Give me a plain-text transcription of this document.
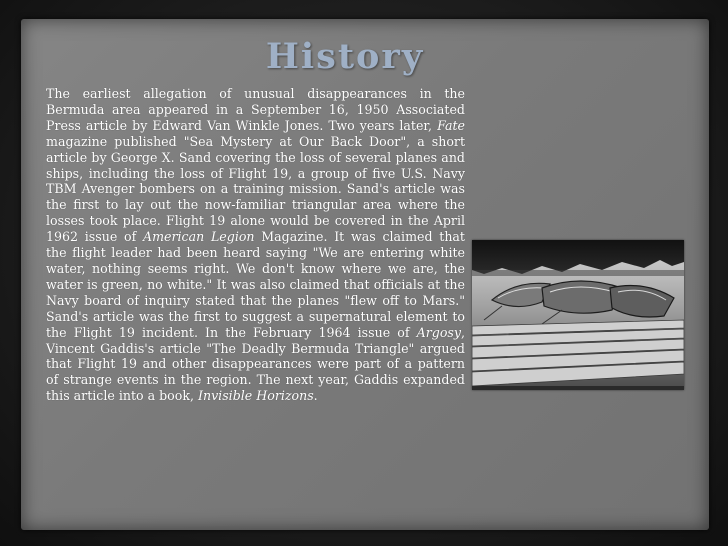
History
The earliest allegation of unusual disappearances in the Bermuda area appeared in a September 16, 1950 Associated Press article by Edward Van Winkle Jones. Two years later, Fate magazine published "Sea Mystery at Our Back Door", a short article by George X. Sand covering the loss of several planes and ships, including the loss of Flight 19, a group of five U.S. Navy TBM Avenger bombers on a training mission. Sand's article was the first to lay out the now-familiar triangular area where the losses took place. Flight 19 alone would be covered in the April 1962 issue of American Legion Magazine. It was claimed that the flight leader had been heard saying "We are entering white water, nothing seems right. We don't know where we are, the water is green, no white." It was also claimed that officials at the Navy board of inquiry stated that the planes "flew off to Mars." Sand's article was the first to suggest a supernatural element to the Flight 19 incident. In the February 1964 issue of Argosy, Vincent Gaddis's article "The Deadly Bermuda Triangle" argued that Flight 19 and other disappearances were part of a pattern of strange events in the region. The next year, Gaddis expanded this article into a book, Invisible Horizons.
